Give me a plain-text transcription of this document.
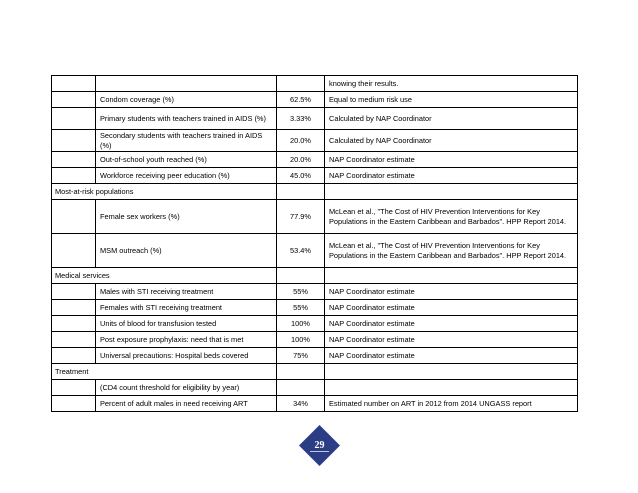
			knowing their results.
	Condom coverage (%)	62.5%	Equal to medium risk use
	Primary students with teachers trained in AIDS (%)	3.33%	Calculated by NAP Coordinator
	Secondary students with teachers trained in AIDS (%)	20.0%	Calculated by NAP Coordinator
	Out-of-school youth reached (%)	20.0%	NAP Coordinator estimate
	Workforce receiving peer education (%)	45.0%	NAP Coordinator estimate
Most-at-risk populations			
	Female sex workers (%)	77.9%	McLean et al., "The Cost of HIV Prevention Interventions for Key Populations in the Eastern Caribbean and Barbados". HPP Report 2014.
	MSM outreach (%)	53.4%	McLean et al., "The Cost of HIV Prevention Interventions for Key Populations in the Eastern Caribbean and Barbados". HPP Report 2014.
Medical services			
	Males with STI receiving treatment	55%	NAP Coordinator estimate
	Females with STI receiving treatment	55%	NAP Coordinator estimate
	Units of blood for transfusion tested	100%	NAP Coordinator estimate
	Post exposure prophylaxis: need that is met	100%	NAP Coordinator estimate
	Universal precautions: Hospital beds covered	75%	NAP Coordinator estimate
Treatment			
	(CD4 count threshold for eligibility by year)		
	Percent of adult males in need receiving ART	34%	Estimated number on ART in 2012 from 2014 UNGASS report
29
